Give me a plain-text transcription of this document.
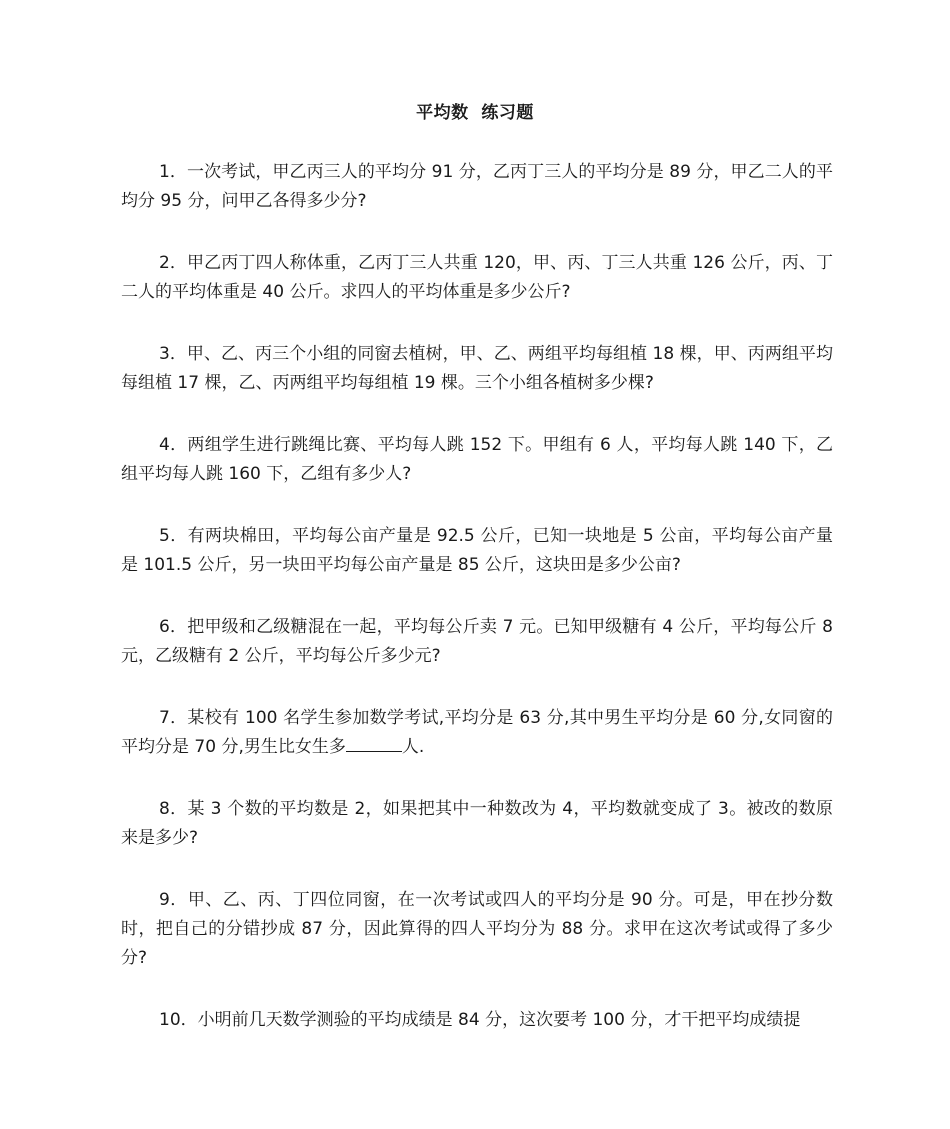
平均数  练习题

1．一次考试，甲乙丙三人的平均分 91 分，乙丙丁三人的平均分是 89 分，甲乙二人的平均分 95 分，问甲乙各得多少分?

2．甲乙丙丁四人称体重，乙丙丁三人共重 120，甲、丙、丁三人共重 126 公斤，丙、丁二人的平均体重是 40 公斤。求四人的平均体重是多少公斤?

3．甲、乙、丙三个小组的同窗去植树，甲、乙、两组平均每组植 18 棵，甲、丙两组平均每组植 17 棵，乙、丙两组平均每组植 19 棵。三个小组各植树多少棵?

4．两组学生进行跳绳比赛、平均每人跳 152 下。甲组有 6 人，平均每人跳 140 下，乙组平均每人跳 160 下，乙组有多少人?

5．有两块棉田，平均每公亩产量是 92.5 公斤，已知一块地是 5 公亩，平均每公亩产量是 101.5 公斤，另一块田平均每公亩产量是 85 公斤，这块田是多少公亩?

6．把甲级和乙级糖混在一起，平均每公斤卖 7 元。已知甲级糖有 4 公斤，平均每公斤 8 元，乙级糖有 2 公斤，平均每公斤多少元?

7．某校有 100 名学生参加数学考试,平均分是 63 分,其中男生平均分是 60 分,女同窗的平均分是 70 分,男生比女生多	人.

8．某 3 个数的平均数是 2，如果把其中一种数改为 4，平均数就变成了 3。被改的数原来是多少?

9．甲、乙、丙、丁四位同窗，在一次考试或四人的平均分是 90 分。可是，甲在抄分数时，把自己的分错抄成 87 分，因此算得的四人平均分为 88 分。求甲在这次考试或得了多少分?

10．小明前几天数学测验的平均成绩是 84 分，这次要考 100 分，才干把平均成绩提
